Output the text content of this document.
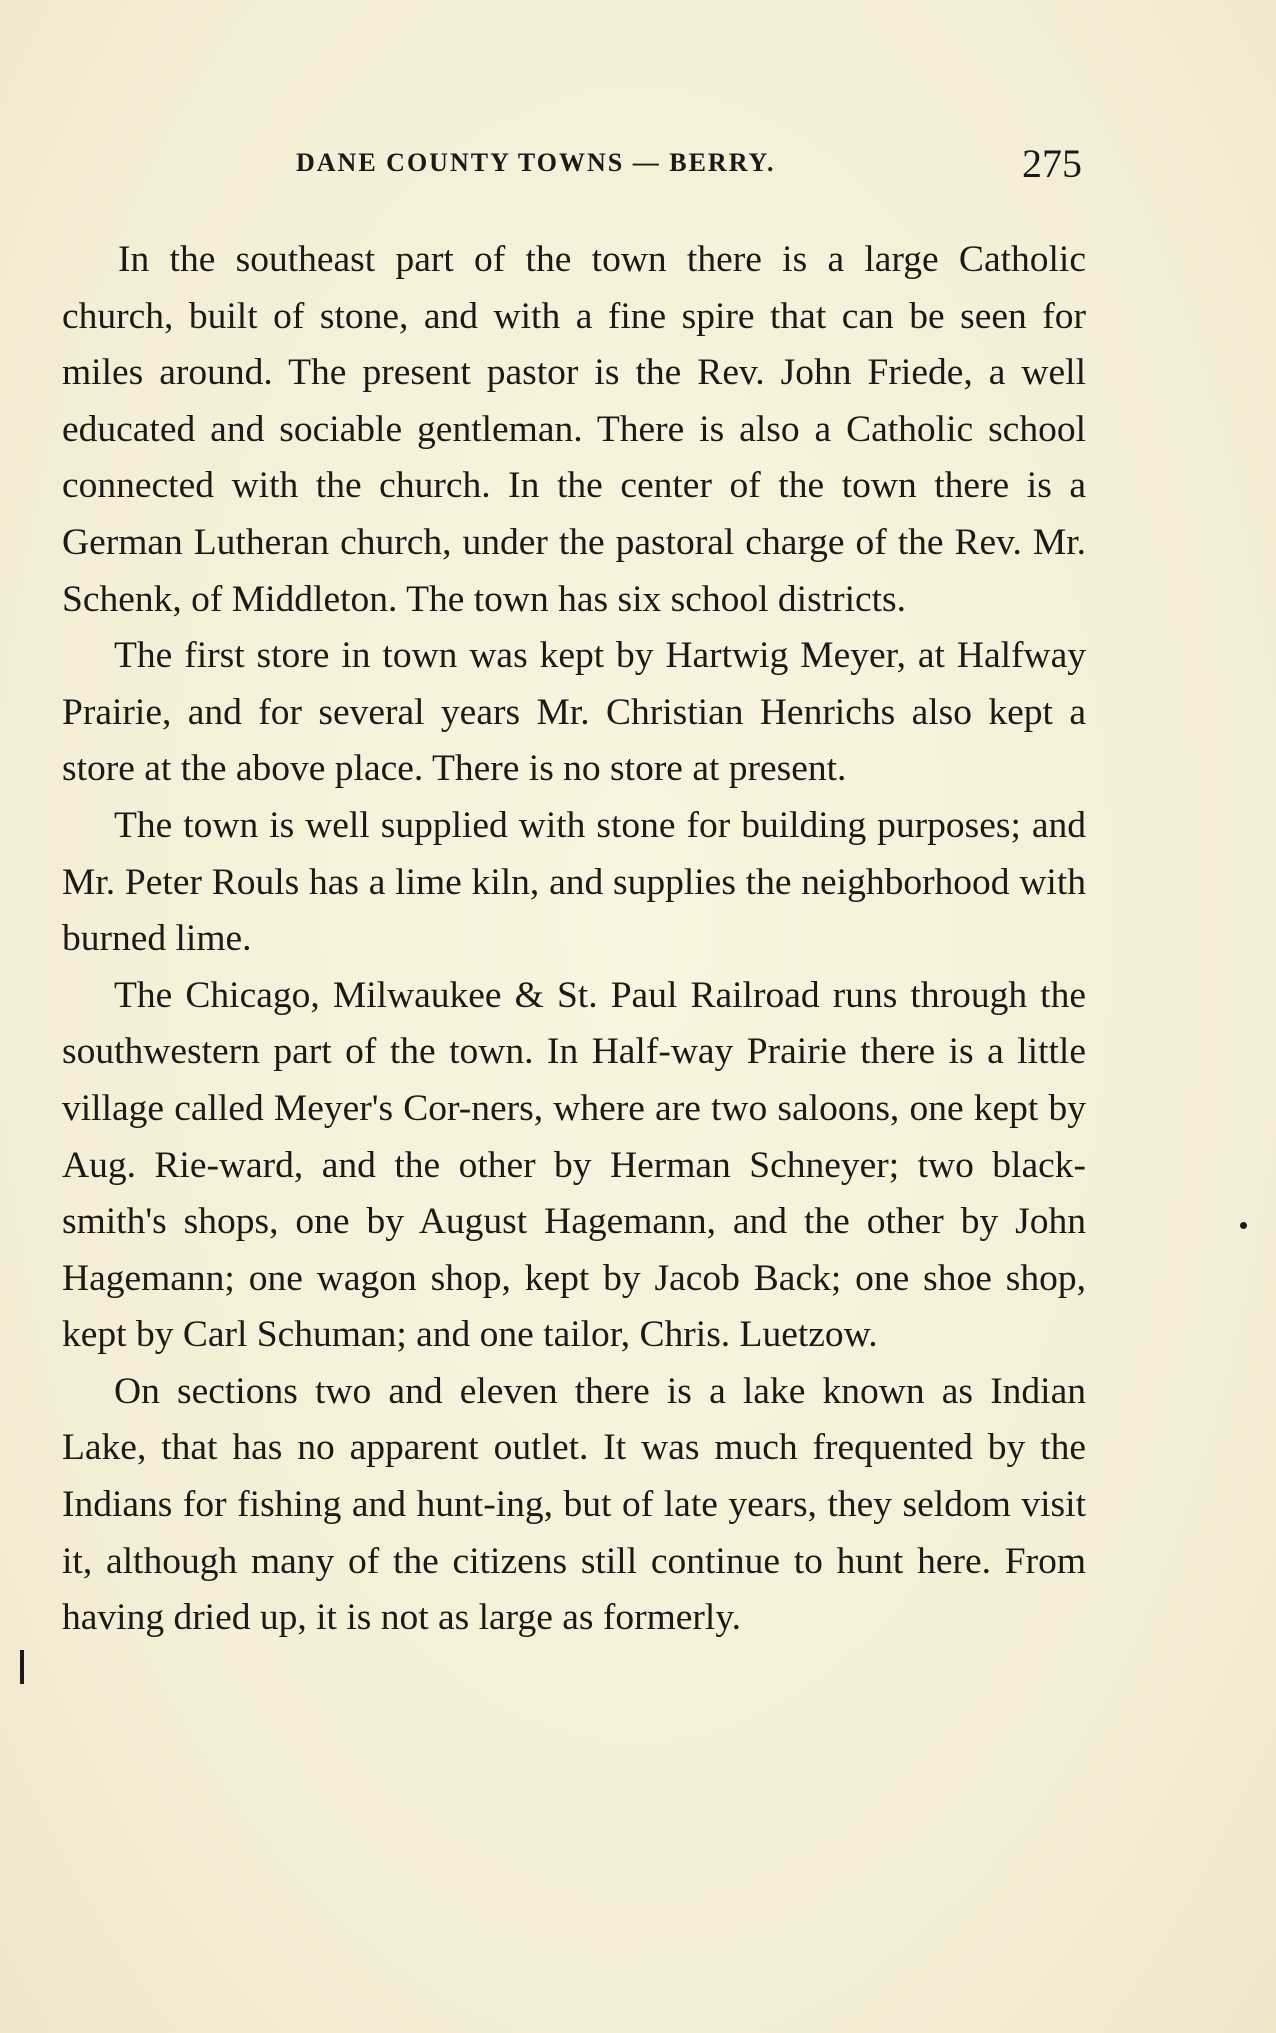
DANE COUNTY TOWNS — BERRY.	275

In the southeast part of the town there is a large Catholic church, built of stone, and with a fine spire that can be seen for miles around. The present pastor is the Rev. John Friede, a well educated and sociable gentleman. There is also a Catholic school connected with the church. In the center of the town there is a German Lutheran church, under the pastoral charge of the Rev. Mr. Schenk, of Middleton. The town has six school districts.

The first store in town was kept by Hartwig Meyer, at Halfway Prairie, and for several years Mr. Christian Henrichs also kept a store at the above place. There is no store at present.

The town is well supplied with stone for building purposes; and Mr. Peter Rouls has a lime kiln, and supplies the neighborhood with burned lime.

The Chicago, Milwaukee & St. Paul Railroad runs through the southwestern part of the town. In Half-way Prairie there is a little village called Meyer's Cor-ners, where are two saloons, one kept by Aug. Rie-ward, and the other by Herman Schneyer; two black-smith's shops, one by August Hagemann, and the other by John Hagemann; one wagon shop, kept by Jacob Back; one shoe shop, kept by Carl Schuman; and one tailor, Chris. Luetzow.

On sections two and eleven there is a lake known as Indian Lake, that has no apparent outlet. It was much frequented by the Indians for fishing and hunt-ing, but of late years, they seldom visit it, although many of the citizens still continue to hunt here. From having dried up, it is not as large as formerly.
